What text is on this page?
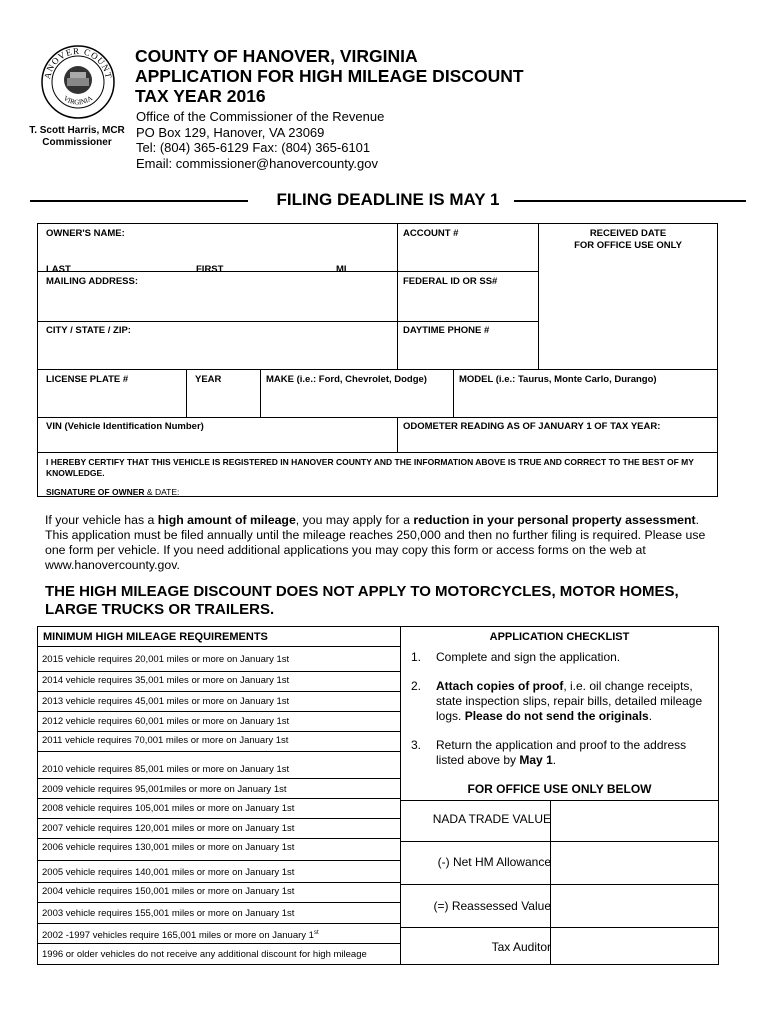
ANOVER COUNT
VIRGINIA
T. Scott Harris, MCR
Commissioner
COUNTY OF HANOVER, VIRGINIA
APPLICATION FOR HIGH MILEAGE DISCOUNT
TAX YEAR 2016
Office of the Commissioner of the Revenue
PO Box 129, Hanover, VA 23069
Tel: (804) 365-6129 Fax: (804) 365-6101
Email: commissioner@hanovercounty.gov
FILING DEADLINE IS MAY 1
OWNER'S NAME:	ACCOUNT #	RECEIVED DATE
FOR OFFICE USE ONLY
LAST	FIRST	MI
MAILING ADDRESS:	FEDERAL ID OR SS#
CITY / STATE / ZIP:	DAYTIME PHONE #
LICENSE PLATE #	YEAR	MAKE (i.e.: Ford, Chevrolet, Dodge)	MODEL (i.e.: Taurus, Monte Carlo, Durango)
VIN (Vehicle Identification Number)	ODOMETER READING AS OF JANUARY 1 OF TAX YEAR:
I HEREBY CERTIFY THAT THIS VEHICLE IS REGISTERED IN HANOVER COUNTY AND THE INFORMATION ABOVE IS TRUE AND CORRECT TO THE BEST OF MY KNOWLEDGE.
SIGNATURE OF OWNER & DATE:
If your vehicle has a high amount of mileage, you may apply for a reduction in your personal property assessment. This application must be filed annually until the mileage reaches 250,000 and then no further filing is required. Please use one form per vehicle. If you need additional applications you may copy this form or access forms on the web at www.hanovercounty.gov.
THE HIGH MILEAGE DISCOUNT DOES NOT APPLY TO MOTORCYCLES, MOTOR HOMES, LARGE TRUCKS OR TRAILERS.
MINIMUM HIGH MILEAGE REQUIREMENTS
2015 vehicle requires 20,001 miles or more on January 1st
2014 vehicle requires 35,001 miles or more on January 1st
2013 vehicle requires 45,001 miles or more on January 1st
2012 vehicle requires 60,001 miles or more on January 1st
2011 vehicle requires 70,001 miles or more on January 1st
2010 vehicle requires 85,001 miles or more on January 1st
2009 vehicle requires 95,001miles or more on January 1st
2008 vehicle requires 105,001 miles or more on January 1st
2007 vehicle requires 120,001 miles or more on January 1st
2006 vehicle requires 130,001 miles or more on January 1st
2005 vehicle requires 140,001 miles or more on January 1st
2004 vehicle requires 150,001 miles or more on January 1st
2003 vehicle requires 155,001 miles or more on January 1st
2002 -1997 vehicles require 165,001 miles or more on January 1st
1996 or older vehicles do not receive any additional discount for high mileage
APPLICATION CHECKLIST
1. Complete and sign the application.
2. Attach copies of proof, i.e. oil change receipts, state inspection slips, repair bills, detailed mileage logs. Please do not send the originals.
3. Return the application and proof to the address listed above by May 1.
FOR OFFICE USE ONLY BELOW
NADA TRADE VALUE
(-) Net HM Allowance
(=) Reassessed Value
Tax Auditor
